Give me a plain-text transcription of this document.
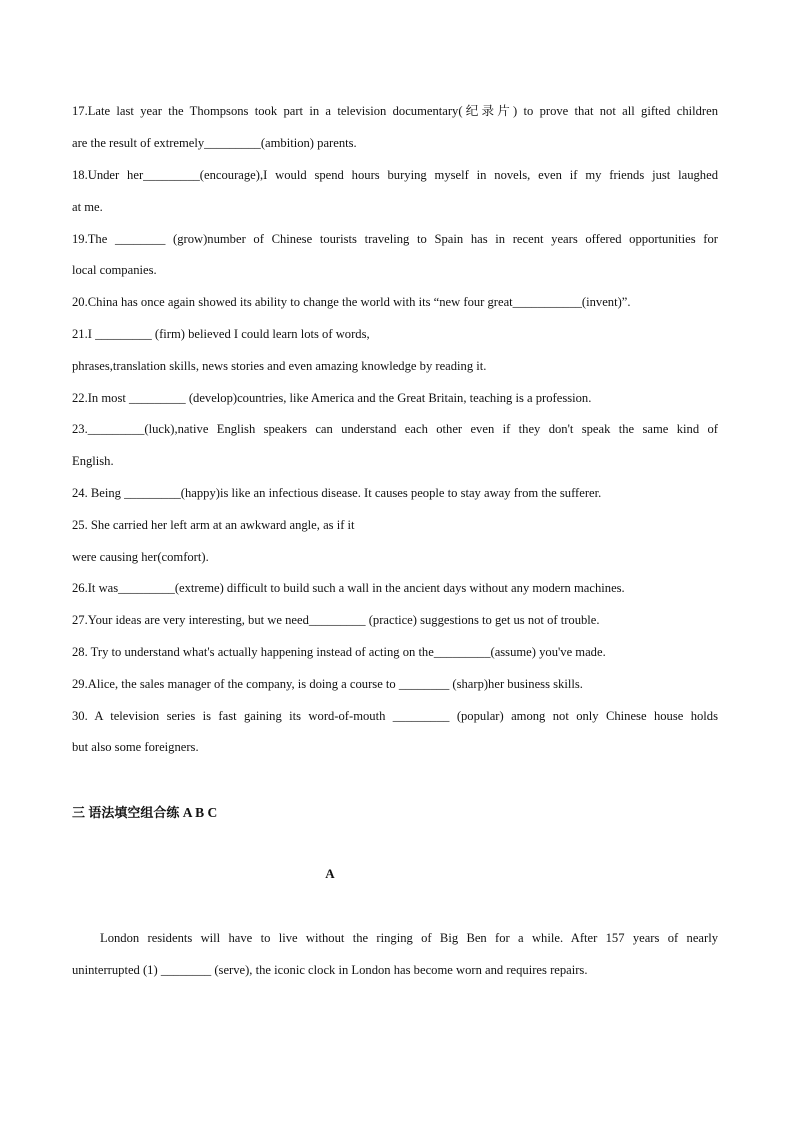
17.Late last year the Thompsons took part in a television documentary(纪录片) to prove that not all gifted children
are the result of extremely_________(ambition) parents.
18.Under her_________(encourage),I would spend hours burying myself in novels, even if my friends just laughed
at me.
19.The ________ (grow)number of Chinese tourists traveling to Spain has in recent years offered opportunities for
local companies.
20.China has once again showed its ability to change the world with its “new four great___________(invent)”.
21.I _________ (firm) believed I could learn lots of words,
phrases,translation skills, news stories and even amazing knowledge by reading it.
22.In most _________ (develop)countries, like America and the Great Britain, teaching is a profession.
23._________(luck),native English speakers can understand each other even if they don't speak the same kind of
English.
24. Being _________(happy)is like an infectious disease. It causes people to stay away from the sufferer.
25. She carried her left arm at an awkward angle, as if it
were causing her(comfort).
26.It was_________(extreme) difficult to build such a wall in the ancient days without any modern machines.
27.Your ideas are very interesting, but we need_________ (practice) suggestions to get us not of trouble.
28. Try to understand what's actually happening instead of acting on the_________(assume) you've made.
29.Alice, the sales manager of the company, is doing a course to ________ (sharp)her business skills.
30. A television series is fast gaining its word-of-mouth _________ (popular) among not only Chinese house holds
but also some foreigners.
三 语法填空组合练 A B C
A
London residents will have to live without the ringing of Big Ben for a while. After 157 years of nearly
uninterrupted (1) ________ (serve), the iconic clock in London has become worn and requires repairs.
